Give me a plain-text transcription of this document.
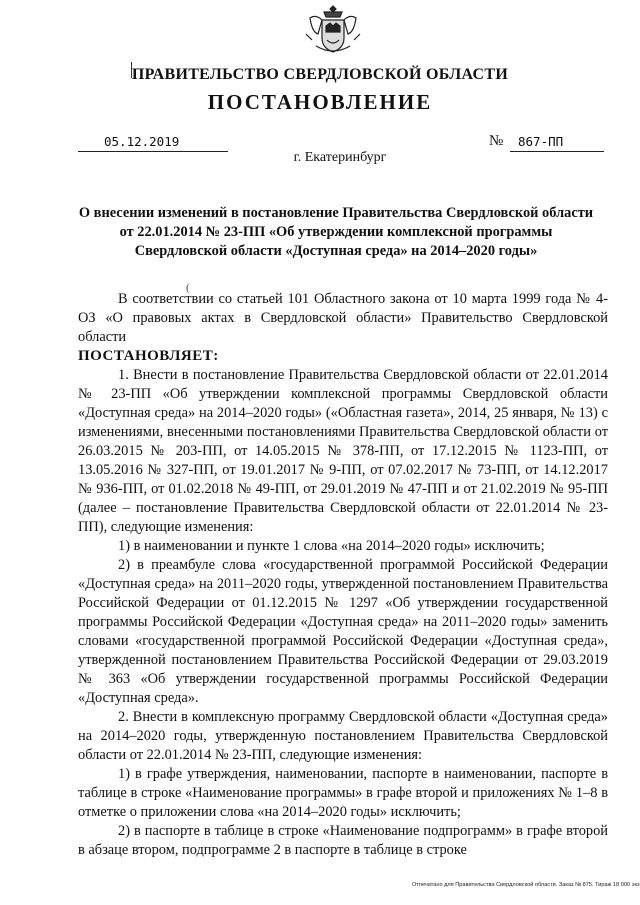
ПРАВИТЕЛЬСТВО СВЕРДЛОВСКОЙ ОБЛАСТИ
ПОСТАНОВЛЕНИЕ
05.12.2019	№ 867-ПП
г. Екатеринбург
О внесении изменений в постановление Правительства Свердловской области от 22.01.2014 № 23-ПП «Об утверждении комплексной программы Свердловской области «Доступная среда» на 2014–2020 годы»
(

В соответствии со статьей 101 Областного закона от 10 марта 1999 года № 4-ОЗ «О правовых актах в Свердловской области» Правительство Свердловской области

ПОСТАНОВЛЯЕТ:

1. Внести в постановление Правительства Свердловской области от 22.01.2014 № 23-ПП «Об утверждении комплексной программы Свердловской области «Доступная среда» на 2014–2020 годы» («Областная газета», 2014, 25 января, № 13) с изменениями, внесенными постановлениями Правительства Свердловской области от 26.03.2015 № 203-ПП, от 14.05.2015 № 378-ПП, от 17.12.2015 № 1123-ПП, от 13.05.2016 № 327-ПП, от 19.01.2017 № 9-ПП, от 07.02.2017 № 73-ПП, от 14.12.2017 № 936-ПП, от 01.02.2018 № 49-ПП, от 29.01.2019 № 47-ПП и от 21.02.2019 № 95-ПП (далее – постановление Правительства Свердловской области от 22.01.2014 № 23-ПП), следующие изменения:

1) в наименовании и пункте 1 слова «на 2014–2020 годы» исключить;

2) в преамбуле слова «государственной программой Российской Федерации «Доступная среда» на 2011–2020 годы, утвержденной постановлением Правительства Российской Федерации от 01.12.2015 № 1297 «Об утверждении государственной программы Российской Федерации «Доступная среда» на 2011–2020 годы» заменить словами «государственной программой Российской Федерации «Доступная среда», утвержденной постановлением Правительства Российской Федерации от 29.03.2019 № 363 «Об утверждении государственной программы Российской Федерации «Доступная среда».

2. Внести в комплексную программу Свердловской области «Доступная среда» на 2014–2020 годы, утвержденную постановлением Правительства Свердловской области от 22.01.2014 № 23-ПП, следующие изменения:

1) в графе утверждения, наименовании, паспорте в наименовании, паспорте в таблице в строке «Наименование программы» в графе второй и приложениях № 1–8 в отметке о приложении слова «на 2014–2020 годы» исключить;

2) в паспорте в таблице в строке «Наименование подпрограмм» в графе второй в абзаце втором, подпрограмме 2 в паспорте в таблице в строке

Отпечатано для Правительства Свердловской области. Заказ № 875. Тираж 18 000 экз
